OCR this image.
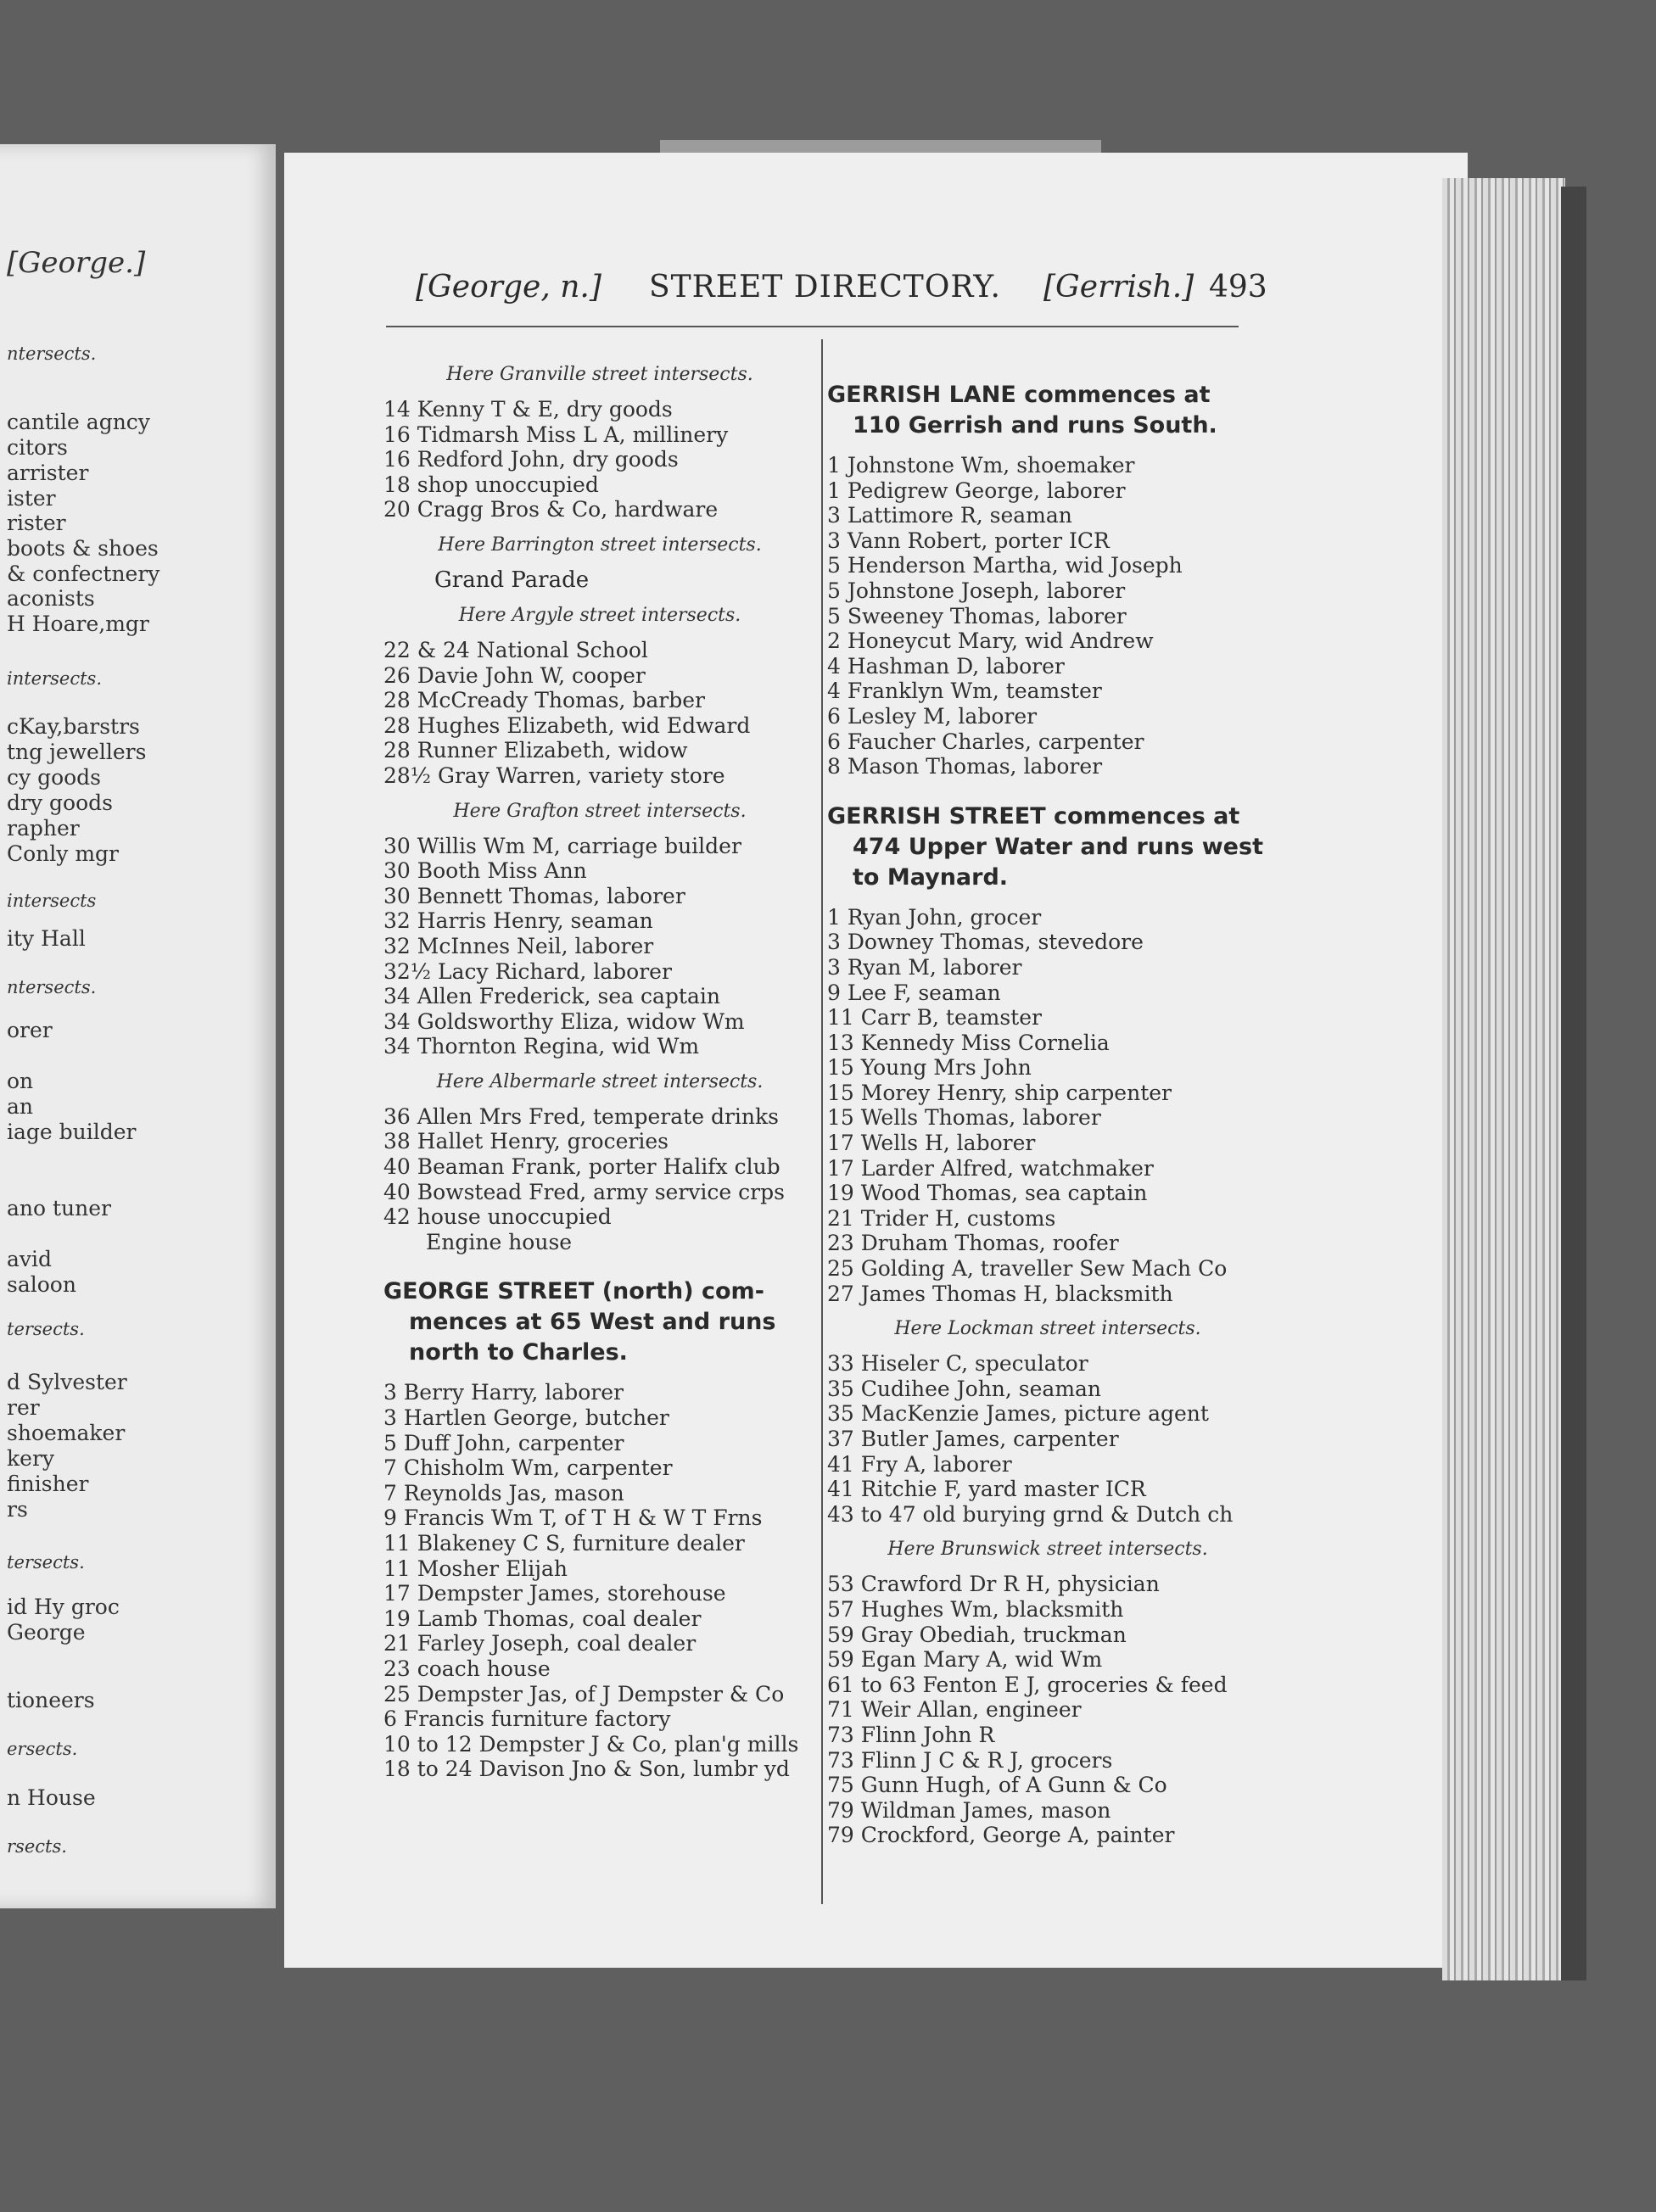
[George.]
ntersects.
cantile agncy
citors
arrister
ister
rister
boots & shoes
& confectnery
aconists
H Hoare,mgr
intersects.
cKay,barstrs
tng jewellers
cy goods
dry goods
rapher
Conly mgr
intersects
ity Hall
ntersects.
orer
on
an
iage builder
ano tuner
avid
saloon
tersects.
d Sylvester
rer
shoemaker
kery
finisher
rs
tersects.
id Hy groc
George
tioneers
ersects.
n House
rsects.
[George, n.] STREET DIRECTORY. [Gerrish.] 493
Here Granville street intersects.
14 Kenny T & E, dry goods
16 Tidmarsh Miss L A, millinery
16 Redford John, dry goods
18 shop unoccupied
20 Cragg Bros & Co, hardware
Here Barrington street intersects.
Grand Parade
Here Argyle street intersects.
22 & 24 National School
26 Davie John W, cooper
28 McCready Thomas, barber
28 Hughes Elizabeth, wid Edward
28 Runner Elizabeth, widow
28½ Gray Warren, variety store
Here Grafton street intersects.
30 Willis Wm M, carriage builder
30 Booth Miss Ann
30 Bennett Thomas, laborer
32 Harris Henry, seaman
32 McInnes Neil, laborer
32½ Lacy Richard, laborer
34 Allen Frederick, sea captain
34 Goldsworthy Eliza, widow Wm
34 Thornton Regina, wid Wm
Here Albermarle street intersects.
36 Allen Mrs Fred, temperate drinks
38 Hallet Henry, groceries
40 Beaman Frank, porter Halifx club
40 Bowstead Fred, army service crps
42 house unoccupied
Engine house
GEORGE STREET (north) com-
mences at 65 West and runs
north to Charles.
3 Berry Harry, laborer
3 Hartlen George, butcher
5 Duff John, carpenter
7 Chisholm Wm, carpenter
7 Reynolds Jas, mason
9 Francis Wm T, of T H & W T Frns
11 Blakeney C S, furniture dealer
11 Mosher Elijah
17 Dempster James, storehouse
19 Lamb Thomas, coal dealer
21 Farley Joseph, coal dealer
23 coach house
25 Dempster Jas, of J Dempster & Co
6 Francis furniture factory
10 to 12 Dempster J & Co, plan'g mills
18 to 24 Davison Jno & Son, lumbr yd
GERRISH LANE commences at
110 Gerrish and runs South.
1 Johnstone Wm, shoemaker
1 Pedigrew George, laborer
3 Lattimore R, seaman
3 Vann Robert, porter ICR
5 Henderson Martha, wid Joseph
5 Johnstone Joseph, laborer
5 Sweeney Thomas, laborer
2 Honeycut Mary, wid Andrew
4 Hashman D, laborer
4 Franklyn Wm, teamster
6 Lesley M, laborer
6 Faucher Charles, carpenter
8 Mason Thomas, laborer
GERRISH STREET commences at
474 Upper Water and runs west
to Maynard.
1 Ryan John, grocer
3 Downey Thomas, stevedore
3 Ryan M, laborer
9 Lee F, seaman
11 Carr B, teamster
13 Kennedy Miss Cornelia
15 Young Mrs John
15 Morey Henry, ship carpenter
15 Wells Thomas, laborer
17 Wells H, laborer
17 Larder Alfred, watchmaker
19 Wood Thomas, sea captain
21 Trider H, customs
23 Druham Thomas, roofer
25 Golding A, traveller Sew Mach Co
27 James Thomas H, blacksmith
Here Lockman street intersects.
33 Hiseler C, speculator
35 Cudihee John, seaman
35 MacKenzie James, picture agent
37 Butler James, carpenter
41 Fry A, laborer
41 Ritchie F, yard master ICR
43 to 47 old burying grnd & Dutch ch
Here Brunswick street intersects.
53 Crawford Dr R H, physician
57 Hughes Wm, blacksmith
59 Gray Obediah, truckman
59 Egan Mary A, wid Wm
61 to 63 Fenton E J, groceries & feed
71 Weir Allan, engineer
73 Flinn John R
73 Flinn J C & R J, grocers
75 Gunn Hugh, of A Gunn & Co
79 Wildman James, mason
79 Crockford, George A, painter
